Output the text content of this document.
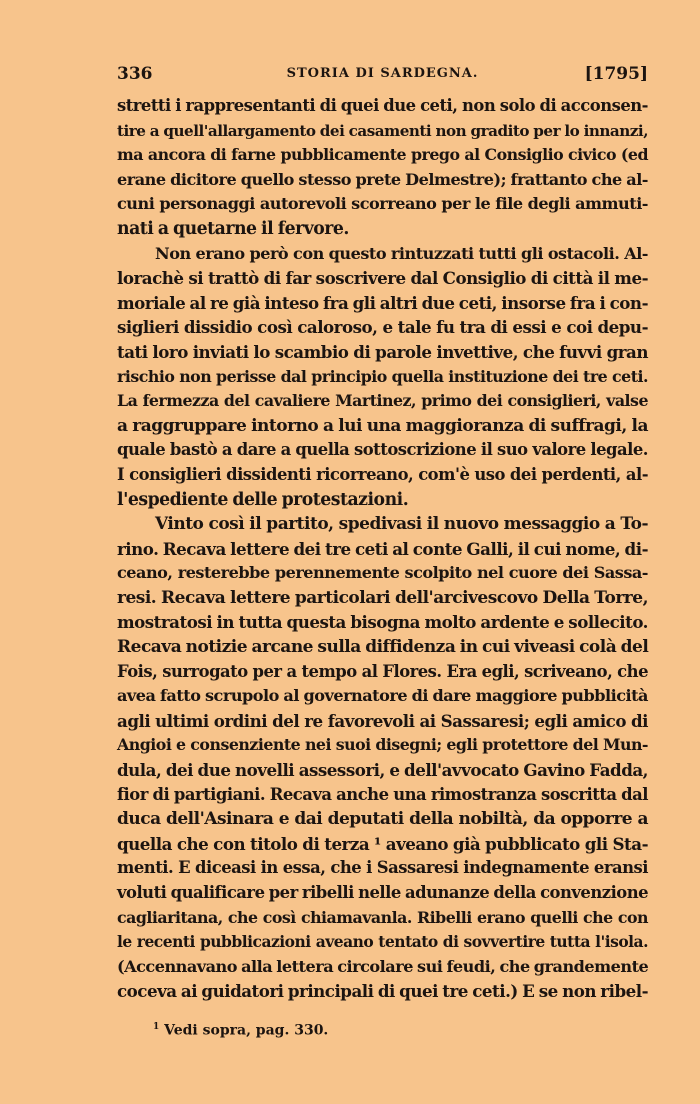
336	STORIA DI SARDEGNA.	[1795]
stretti i rappresentanti di quei due ceti, non solo di acconsen-
tire a quell'allargamento dei casamenti non gradito per lo innanzi,
ma ancora di farne pubblicamente prego al Consiglio civico (ed
erane dicitore quello stesso prete Delmestre); frattanto che al-
cuni personaggi autorevoli scorreano per le file degli ammuti-
nati a quetarne il fervore.
Non erano però con questo rintuzzati tutti gli ostacoli. Al-
lorachè si trattò di far soscrivere dal Consiglio di città il me-
moriale al re già inteso fra gli altri due ceti, insorse fra i con-
siglieri dissidio così caloroso, e tale fu tra di essi e coi depu-
tati loro inviati lo scambio di parole invettive, che fuvvi gran
rischio non perisse dal principio quella instituzione dei tre ceti.
La fermezza del cavaliere Martinez, primo dei consiglieri, valse
a raggruppare intorno a lui una maggioranza di suffragi, la
quale bastò a dare a quella sottoscrizione il suo valore legale.
I consiglieri dissidenti ricorreano, com'è uso dei perdenti, al-
l'espediente delle protestazioni.
Vinto così il partito, spedivasi il nuovo messaggio a To-
rino. Recava lettere dei tre ceti al conte Galli, il cui nome, di-
ceano, resterebbe perennemente scolpito nel cuore dei Sassa-
resi. Recava lettere particolari dell'arcivescovo Della Torre,
mostratosi in tutta questa bisogna molto ardente e sollecito.
Recava notizie arcane sulla diffidenza in cui viveasi colà del
Fois, surrogato per a tempo al Flores. Era egli, scriveano, che
avea fatto scrupolo al governatore di dare maggiore pubblicità
agli ultimi ordini del re favorevoli ai Sassaresi; egli amico di
Angioi e consenziente nei suoi disegni; egli protettore del Mun-
dula, dei due novelli assessori, e dell'avvocato Gavino Fadda,
fior di partigiani. Recava anche una rimostranza soscritta dal
duca dell'Asinara e dai deputati della nobiltà, da opporre a
quella che con titolo di terza ¹ aveano già pubblicato gli Sta-
menti. E diceasi in essa, che i Sassaresi indegnamente eransi
voluti qualificare per ribelli nelle adunanze della convenzione
cagliaritana, che così chiamavanla. Ribelli erano quelli che con
le recenti pubblicazioni aveano tentato di sovvertire tutta l'isola.
(Accennavano alla lettera circolare sui feudi, che grandemente
coceva ai guidatori principali di quei tre ceti.) E se non ribel-
$^1$ Vedi sopra, pag. 330.
